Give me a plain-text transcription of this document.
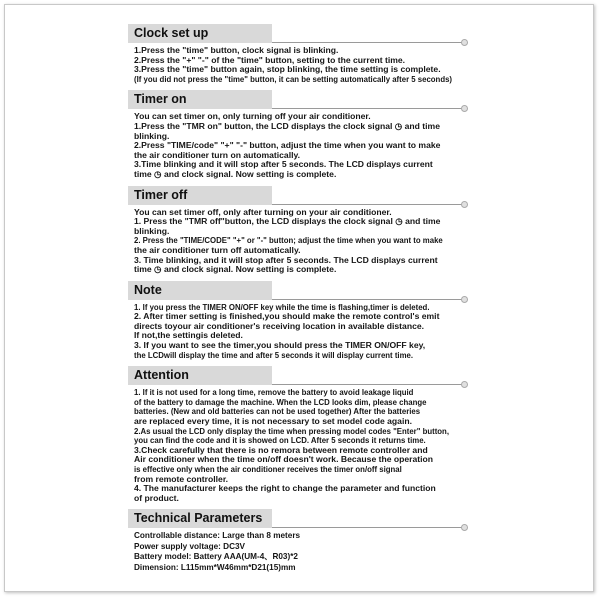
Clock set up
1.Press the "time" button, clock signal is blinking.
2.Press the "+" "-" of the "time" button, setting to the current time.
3.Press the "time" button again, stop blinking, the time setting is complete.
(If you did not press the "time" button, it can be setting automatically after 5 seconds)
Timer on
You can set timer on, only turning off your air conditioner.
1.Press the "TMR on" button, the LCD displays the clock signal ◷ and time
blinking.
2.Press "TIME/code" "+" "-" button, adjust the time when you want to make
the air conditioner turn on automatically.
3.Time blinking and it will stop after 5 seconds. The LCD displays current
time ◷ and clock signal. Now setting is complete.
Timer off
You can set timer off, only after turning on your air conditioner.
1. Press the "TMR off"button, the LCD displays the clock signal ◷ and time
blinking.
2. Press the "TIME/CODE" "+" or "-" button; adjust the time when you want to make
the air conditioner turn off automatically.
3. Time blinking, and it will stop after 5 seconds. The LCD displays current
time ◷ and clock signal. Now setting is complete.
Note
1. If you press the TIMER ON/OFF key while the time is flashing,timer is deleted.
2. After timer setting is finished,you should make the remote control's emit
directs toyour air conditioner's receiving location in available distance.
If not,the settingis deleted.
3. If you want to see the timer,you should press the TIMER ON/OFF key,
the LCDwill display the time and after 5 seconds it will display current time.
Attention
1. If it is not used for a long time, remove the battery to avoid leakage liquid
of the battery to damage the machine. When the LCD looks dim, please change
batteries. (New and old batteries can not be used together) After the batteries
are replaced every time, it is not necessary to set model code again.
2.As usual the LCD only display the time when pressing model codes "Enter" button,
you can find the code and it is showed on LCD. After 5 seconds it returns time.
3.Check carefully that there is no remora between remote controller and
Air conditioner when the time on/off doesn't work. Because the operation
is effective only when the air conditioner receives the timer on/off signal
from remote controller.
4. The manufacturer keeps the right to change the parameter and function
of product.
Technical Parameters
Controllable distance: Large than 8 meters
Power supply voltage: DC3V
Battery model: Battery AAA(UM-4、R03)*2
Dimension: L115mm*W46mm*D21(15)mm
